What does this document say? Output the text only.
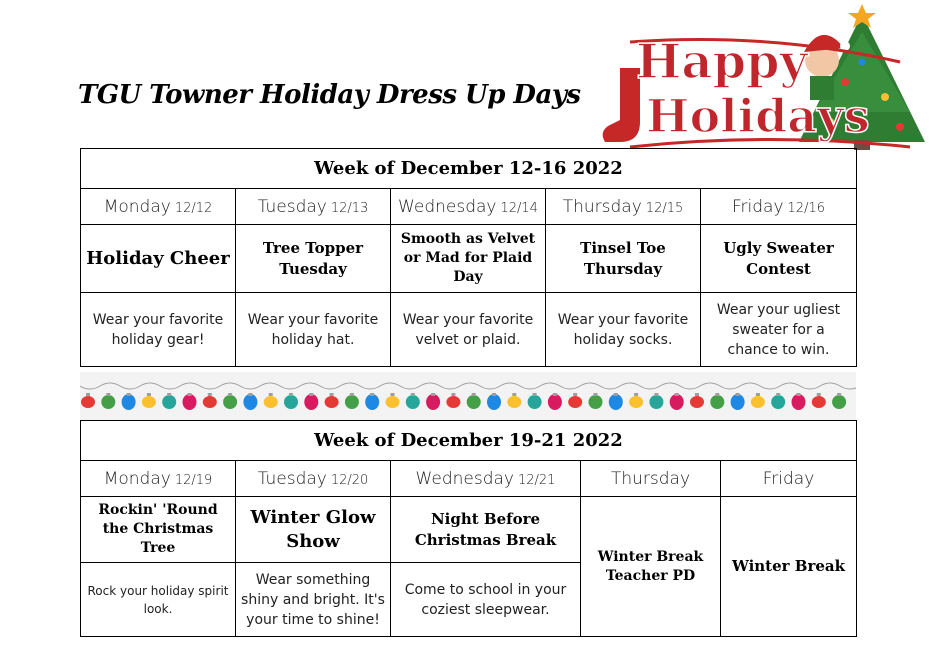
TGU Towner Holiday Dress Up Days
Happy
Holidays
Week of December 12-16 2022				
Monday 12/12	Tuesday 12/13	Wednesday 12/14	Thursday 12/15	Friday 12/16
Holiday Cheer	Tree Topper Tuesday	Smooth as Velvet or Mad for Plaid Day	Tinsel Toe Thursday	Ugly Sweater Contest
Wear your favorite holiday gear!	Wear your favorite holiday hat.	Wear your favorite velvet or plaid.	Wear your favorite holiday socks.	Wear your ugliest sweater for a chance to win.
Week of December 19-21 2022				
Monday 12/19	Tuesday 12/20	Wednesday 12/21	Thursday	Friday
Rockin' 'Round the Christmas Tree	Winter Glow Show	Night Before Christmas Break	Winter Break Teacher PD	Winter Break
Rock your holiday spirit look.	Wear something shiny and bright. It's your time to shine!	Come to school in your coziest sleepwear.		
